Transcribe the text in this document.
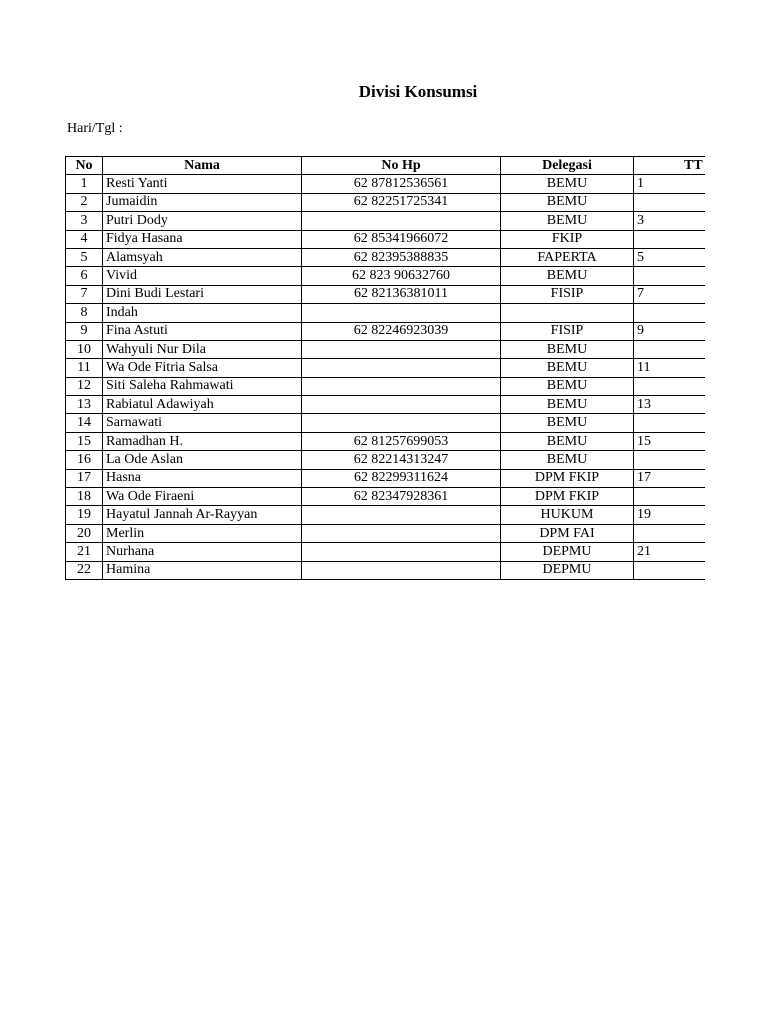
Divisi Konsumsi
Hari/Tgl :
No	Nama	No Hp	Delegasi	TT
1	Resti Yanti	62 87812536561	BEMU	1
2	Jumaidin	62 82251725341	BEMU	
3	Putri Dody		BEMU	3
4	Fidya Hasana	62 85341966072	FKIP	
5	Alamsyah	62 82395388835	FAPERTA	5
6	Vivid	62 823 90632760	BEMU	
7	Dini Budi Lestari	62 82136381011	FISIP	7
8	Indah			
9	Fina Astuti	62 82246923039	FISIP	9
10	Wahyuli Nur Dila		BEMU	
11	Wa Ode Fitria Salsa		BEMU	11
12	Siti Saleha Rahmawati		BEMU	
13	Rabiatul Adawiyah		BEMU	13
14	Sarnawati		BEMU	
15	Ramadhan H.	62 81257699053	BEMU	15
16	La Ode Aslan	62 82214313247	BEMU	
17	Hasna	62 82299311624	DPM FKIP	17
18	Wa Ode Firaeni	62 82347928361	DPM FKIP	
19	Hayatul Jannah Ar-Rayyan		HUKUM	19
20	Merlin		DPM FAI	
21	Nurhana		DEPMU	21
22	Hamina		DEPMU	
